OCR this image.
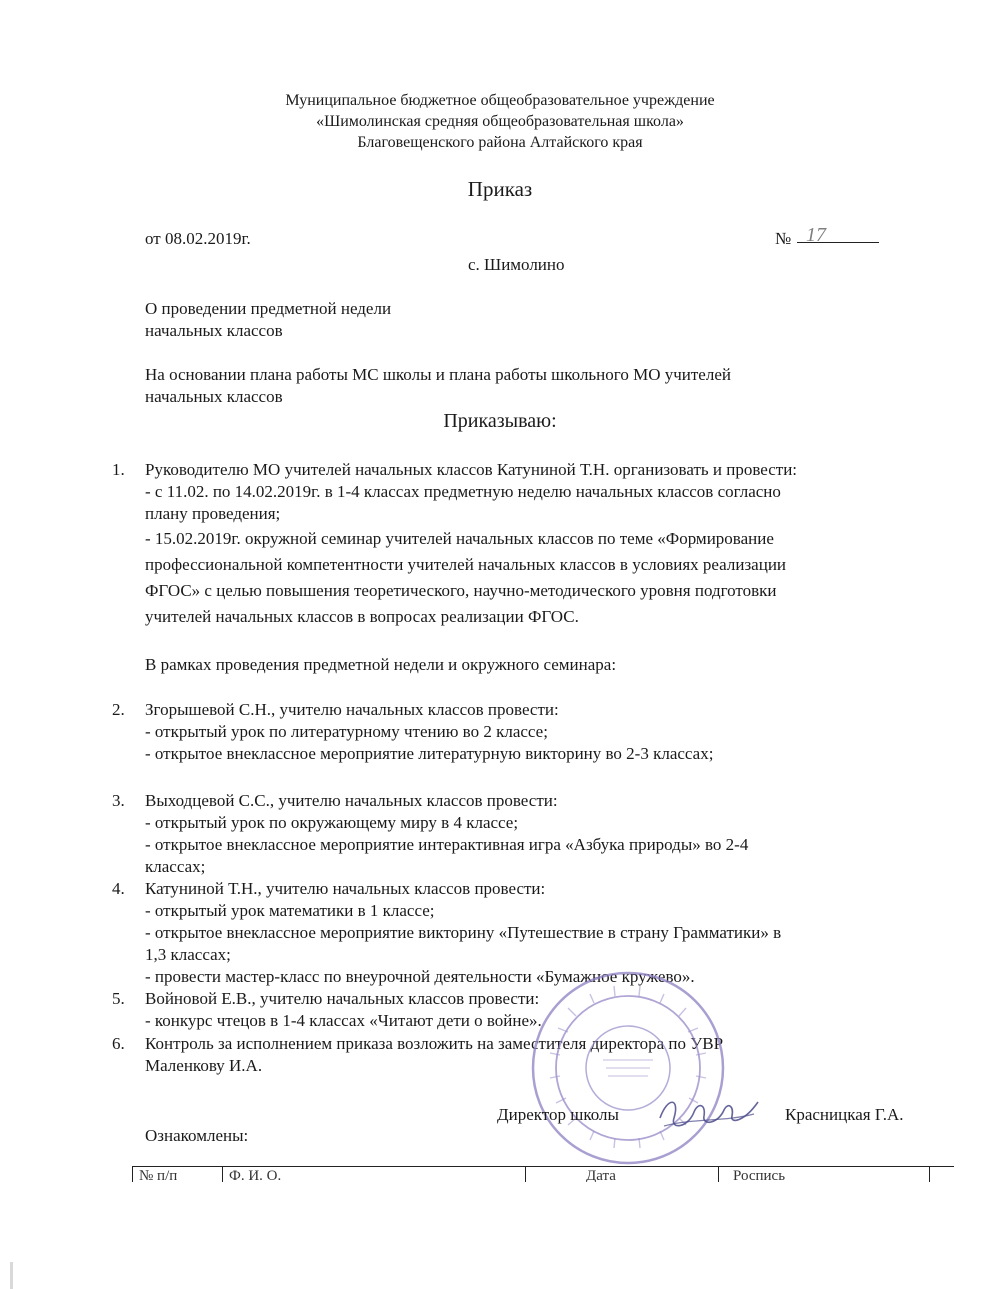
Муниципальное бюджетное общеобразовательное учреждение
«Шимолинская средняя общеобразовательная школа»
Благовещенского района Алтайского края
Приказ
от 08.02.2019г.	№ 17
с. Шимолино
О проведении предметной недели
начальных классов
На основании плана работы МС школы и плана работы школьного МО учителей
начальных классов
Приказываю:
1. Руководителю МО учителей начальных классов Катуниной Т.Н. организовать и провести:
- с 11.02. по 14.02.2019г. в 1-4 классах предметную неделю начальных классов согласно
плану проведения;
- 15.02.2019г. окружной семинар учителей начальных классов по теме «Формирование
профессиональной компетентности учителей начальных классов в условиях реализации
ФГОС» с целью повышения теоретического, научно-методического уровня подготовки
учителей начальных классов в вопросах реализации ФГОС.
В рамках проведения предметной недели и окружного семинара:
2. Згорышевой С.Н., учителю начальных классов провести:
- открытый урок по литературному чтению во 2 классе;
- открытое внеклассное мероприятие литературную викторину во 2-3 классах;
3. Выходцевой С.С., учителю начальных классов провести:
- открытый урок по окружающему миру в 4 классе;
- открытое внеклассное мероприятие интерактивная игра «Азбука природы» во 2-4
классах;
4. Катуниной Т.Н., учителю начальных классов провести:
- открытый урок математики в 1 классе;
- открытое внеклассное мероприятие викторину «Путешествие в страну Грамматики» в
1,3 классах;
- провести мастер-класс по внеурочной деятельности «Бумажное кружево».
5. Войновой Е.В., учителю начальных классов провести:
- конкурс чтецов в 1-4 классах «Читают дети о войне».
6. Контроль за исполнением приказа возложить на заместителя директора по УВР
Маленкову И.А.
Директор школы	Красницкая Г.А.
Ознакомлены:
№ п/п	Ф. И. О.	Дата	Роспись
